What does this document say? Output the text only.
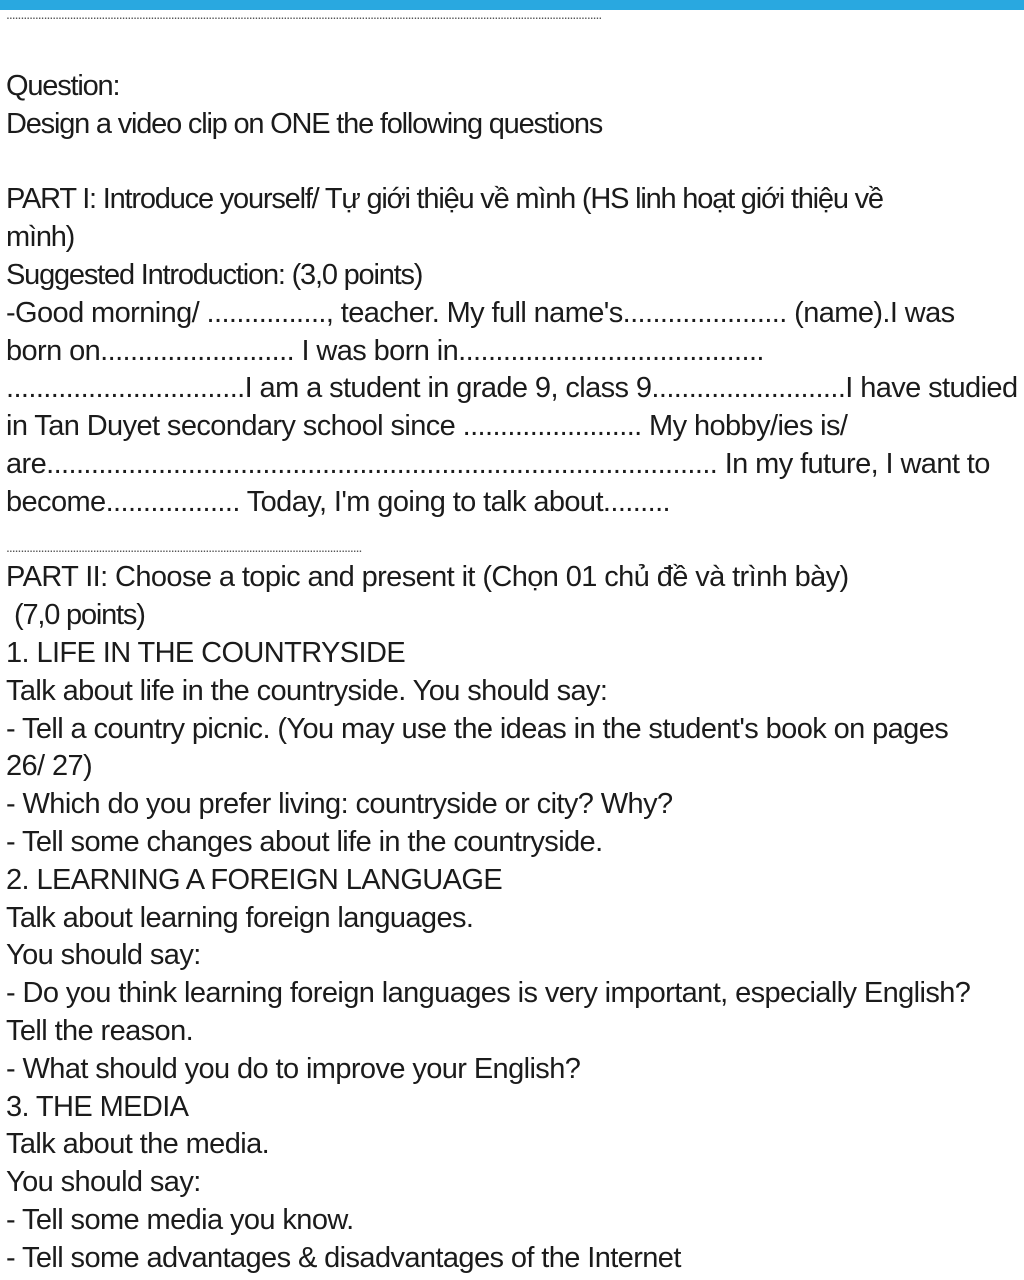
..............................................................................................................................................................................................................
Question:
Design a video clip on ONE the following questions
PART I: Introduce yourself/ Tự giới thiệu về mình (HS linh hoạt giới thiệu về
mình)
Suggested Introduction: (3,0 points)
-Good morning/ ................, teacher. My full name's...................... (name).I was
born on.......................... I was born in.........................................
................................I am a student in grade 9, class 9..........................I have studied
in Tan Duyet secondary school since ........................ My hobby/ies is/
are.......................................................................................... In my future, I want to
become.................. Today, I'm going to talk about.........
...........................................................................................................................
PART II: Choose a topic and present it (Chọn 01 chủ đề và trình bày)
(7,0 points)
1. LIFE IN THE COUNTRYSIDE
Talk about life in the countryside. You should say:
- Tell a country picnic. (You may use the ideas in the student's book on pages
26/ 27)
- Which do you prefer living: countryside or city? Why?
- Tell some changes about life in the countryside.
2. LEARNING A FOREIGN LANGUAGE
Talk about learning foreign languages.
You should say:
- Do you think learning foreign languages is very important, especially English?
Tell the reason.
- What should you do to improve your English?
3. THE MEDIA
Talk about the media.
You should say:
- Tell some media you know.
- Tell some advantages & disadvantages of the Internet
